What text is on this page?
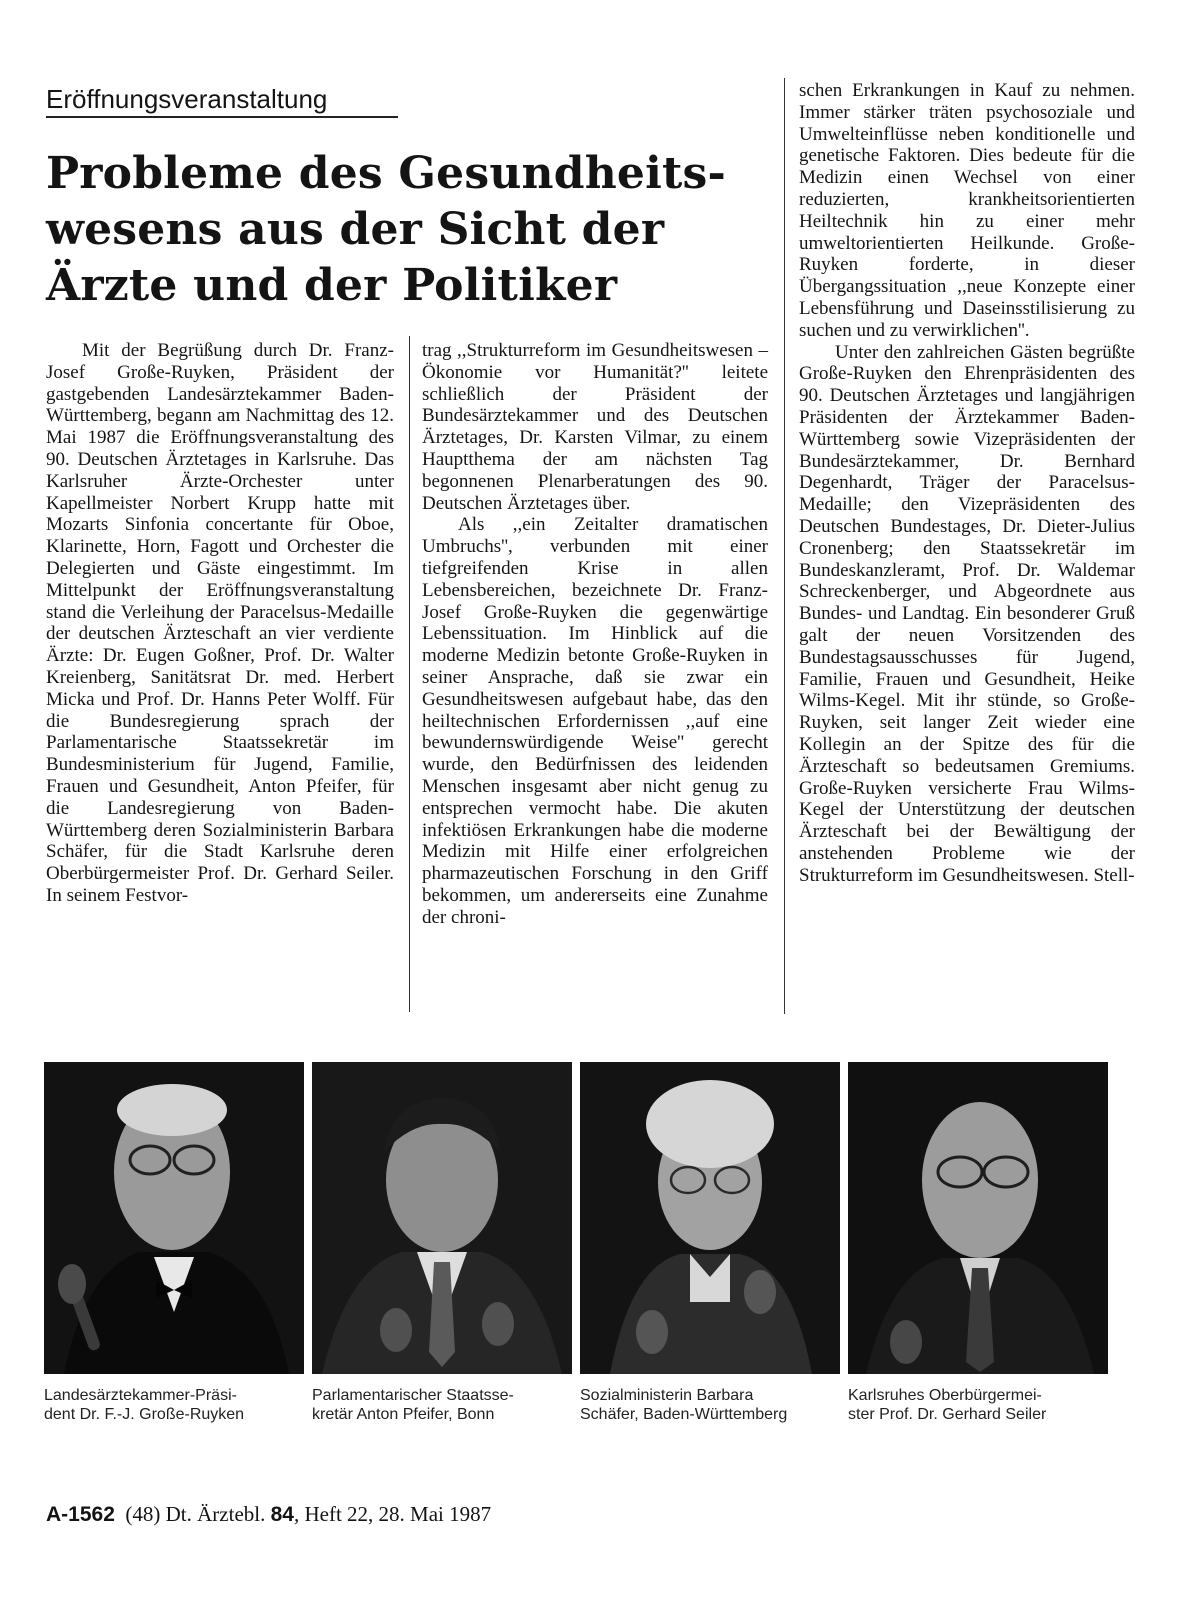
Eröffnungsveranstaltung
Probleme des Gesundheits-
wesens aus der Sicht der
Ärzte und der Politiker

Mit der Begrüßung durch Dr. Franz-Josef Große-Ruyken, Präsident der gastgebenden Landesärztekammer Baden-Württemberg, begann am Nachmittag des 12. Mai 1987 die Eröffnungsveranstaltung des 90. Deutschen Ärztetages in Karlsruhe. Das Karlsruher Ärzte-Orchester unter Kapellmeister Norbert Krupp hatte mit Mozarts Sinfonia concertante für Oboe, Klarinette, Horn, Fagott und Orchester die Delegierten und Gäste eingestimmt. Im Mittelpunkt der Eröffnungsveranstaltung stand die Verleihung der Paracelsus-Medaille der deutschen Ärzteschaft an vier verdiente Ärzte: Dr. Eugen Goßner, Prof. Dr. Walter Kreienberg, Sanitätsrat Dr. med. Herbert Micka und Prof. Dr. Hanns Peter Wolff. Für die Bundesregierung sprach der Parlamentarische Staatssekretär im Bundesministerium für Jugend, Familie, Frauen und Gesundheit, Anton Pfeifer, für die Landesregierung von Baden-Württemberg deren Sozialministerin Barbara Schäfer, für die Stadt Karlsruhe deren Oberbürgermeister Prof. Dr. Gerhard Seiler. In seinem Festvor-

trag ,,Strukturreform im Gesundheitswesen – Ökonomie vor Humanität?'' leitete schließlich der Präsident der Bundesärztekammer und des Deutschen Ärztetages, Dr. Karsten Vilmar, zu einem Hauptthema der am nächsten Tag begonnenen Plenarberatungen des 90. Deutschen Ärztetages über.

Als ,,ein Zeitalter dramatischen Umbruchs'', verbunden mit einer tiefgreifenden Krise in allen Lebensbereichen, bezeichnete Dr. Franz-Josef Große-Ruyken die gegenwärtige Lebenssituation. Im Hinblick auf die moderne Medizin betonte Große-Ruyken in seiner Ansprache, daß sie zwar ein Gesundheitswesen aufgebaut habe, das den heiltechnischen Erfordernissen ,,auf eine bewundernswürdigende Weise'' gerecht wurde, den Bedürfnissen des leidenden Menschen insgesamt aber nicht genug zu entsprechen vermocht habe. Die akuten infektiösen Erkrankungen habe die moderne Medizin mit Hilfe einer erfolgreichen pharmazeutischen Forschung in den Griff bekommen, um andererseits eine Zunahme der chroni-

schen Erkrankungen in Kauf zu nehmen. Immer stärker träten psychosoziale und Umwelteinflüsse neben konditionelle und genetische Faktoren. Dies bedeute für die Medizin einen Wechsel von einer reduzierten, krankheitsorientierten Heiltechnik hin zu einer mehr umweltorientierten Heilkunde. Große-Ruyken forderte, in dieser Übergangssituation ,,neue Konzepte einer Lebensführung und Daseinsstilisierung zu suchen und zu verwirklichen''.

Unter den zahlreichen Gästen begrüßte Große-Ruyken den Ehrenpräsidenten des 90. Deutschen Ärztetages und langjährigen Präsidenten der Ärztekammer Baden-Württemberg sowie Vizepräsidenten der Bundesärztekammer, Dr. Bernhard Degenhardt, Träger der Paracelsus-Medaille; den Vizepräsidenten des Deutschen Bundestages, Dr. Dieter-Julius Cronenberg; den Staatssekretär im Bundeskanzleramt, Prof. Dr. Waldemar Schreckenberger, und Abgeordnete aus Bundes- und Landtag. Ein besonderer Gruß galt der neuen Vorsitzenden des Bundestagsausschusses für Jugend, Familie, Frauen und Gesundheit, Heike Wilms-Kegel. Mit ihr stünde, so Große-Ruyken, seit langer Zeit wieder eine Kollegin an der Spitze des für die Ärzteschaft so bedeutsamen Gremiums. Große-Ruyken versicherte Frau Wilms-Kegel der Unterstützung der deutschen Ärzteschaft bei der Bewältigung der anstehenden Probleme wie der Strukturreform im Gesundheitswesen. Stell-

Landesärztekammer-Präsi-
dent Dr. F.-J. Große-Ruyken
Parlamentarischer Staatsse-
kretär Anton Pfeifer, Bonn
Sozialministerin Barbara
Schäfer, Baden-Württemberg
Karlsruhes Oberbürgermei-
ster Prof. Dr. Gerhard Seiler
A-1562 (48) Dt. Ärztebl. 84, Heft 22, 28. Mai 1987
